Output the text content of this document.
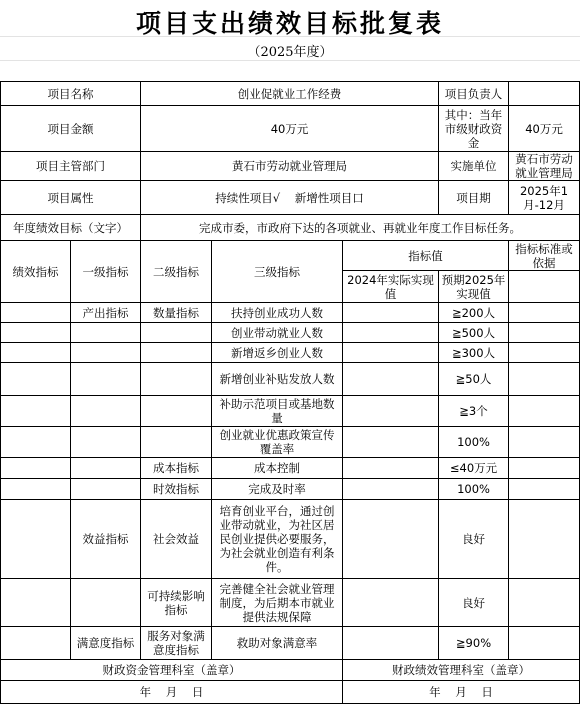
项目支出绩效目标批复表
（2025年度）
项目名称		创业促就业工作经费			项目负责人	
项目金额		40万元			其中：当年市级财政资金	40万元
项目主管部门		黄石市劳动就业管理局			实施单位	黄石市劳动就业管理局
项目属性		持续性项目√    新增性项目口			项目期	2025年1月-12月
年度绩效目标（文字）		完成市委，市政府下达的各项就业、再就业年度工作目标任务。				
绩效指标	一级指标	二级指标	三级指标	指标值		指标标准或依据
				2024年实际实现值	预期2025年实现值	
	产出指标	数量指标	扶持创业成功人数		≧200人	
			创业带动就业人数		≧500人	
			新增返乡创业人数		≧300人	
			新增创业补贴发放人数		≧50人	
			补助示范项目或基地数量		≧3个	
			创业就业优惠政策宣传覆盖率		100%	
		成本指标	成本控制		≤40万元	
		时效指标	完成及时率		100%	
	效益指标	社会效益	培育创业平台，通过创业带动就业，为社区居民创业提供必要服务，为社会就业创造有利条件。		良好	
		可持续影响指标	完善健全社会就业管理制度，为后期本市就业提供法规保障		良好	
	满意度指标	服务对象满意度指标	救助对象满意率		≧90%	
财政资金管理科室（盖章）				财政绩效管理科室（盖章）		
年    月    日				年    月    日		
